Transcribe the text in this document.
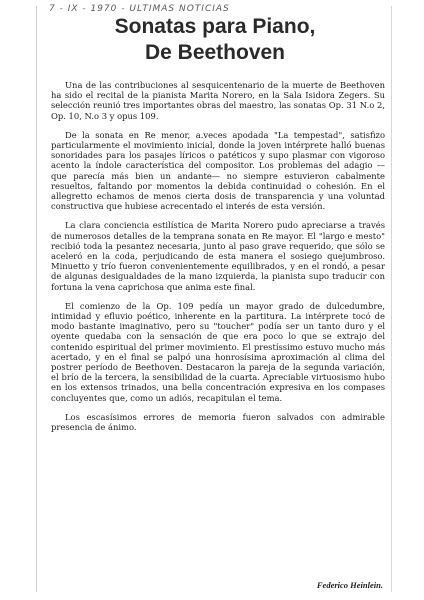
7 - IX - 1970 - ULTIMAS NOTICIAS
Sonatas para Piano,
De Beethoven

Una de las contribuciones al sesquicentenario de la muerte de Beethoven ha sido el recital de la pianista Marita Norero, en la Sala Isidora Zegers. Su selección reunió tres importantes obras del maestro, las sonatas Op. 31 N.o 2, Op. 10, N.o 3 y opus 109.

De la sonata en Re menor, a.veces apodada "La tempestad", satisfizo particularmente el movimiento inicial, donde la joven intérprete halló buenas sonoridades para los pasajes líricos o patéticos y supo plasmar con vigoroso acento la índole característica del compositor. Los problemas del adagio —que parecía más bien un andante— no siempre estuvieron cabalmente resueltos, faltando por momentos la debida continuidad o cohesión. En el allegretto echamos de menos cierta dosis de transparencia y una voluntad constructiva que hubiese acrecentado el interés de esta versión.

La clara conciencia estilística de Marita Norero pudo apreciarse a través de numerosos detalles de la temprana sonata en Re mayor. El "largo e mesto" recibió toda la pesantez necesaria, junto al paso grave requerido, que sólo se aceleró en la coda, perjudicando de esta manera el sosiego quejumbroso. Minuetto y trío fueron convenientemente equilibrados, y en el rondó, a pesar de algunas desigualdades de la mano izquierda, la pianista supo traducir con fortuna la vena caprichosa que anima este final.

El comienzo de la Op. 109 pedía un mayor grado de dulcedumbre, intimidad y efluvio poético, inherente en la partitura. La intérprete tocó de modo bastante imaginativo, pero su "toucher" podía ser un tanto duro y el oyente quedaba con la sensación de que era poco lo que se extrajo del contenido espiritual del primer movimiento. El prestíssimo estuvo mucho más acertado, y en el final se palpó una honrosísima aproximación al clima del postrer período de Beethoven. Destacaron la pareja de la segunda variación, el brío de la tercera, la sensibilidad de la cuarta. Apreciable virtuosismo hubo en los extensos trinados, una bella concentración expresiva en los compases concluyentes que, como un adiós, recapitulan el tema.

Los escasísimos errores de memoria fueron salvados con admirable presencia de ánimo.

Federico Heinlein.
